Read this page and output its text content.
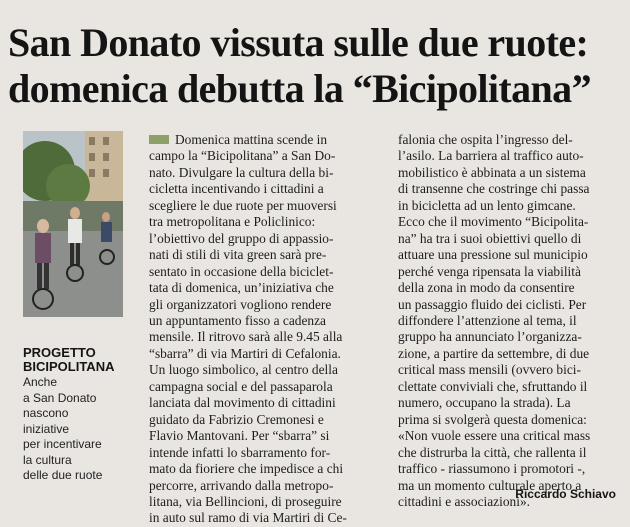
San Donato vissuta sulle due ruote:
domenica debutta la “Bicipolitana”
PROGETTO
BICIPOLITANA
Anche
a San Donato
nascono
iniziative
per incentivare
la cultura
delle due ruote
Domenica mattina scende in
campo la “Bicipolitana” a San Do-
nato. Divulgare la cultura della bi-
cicletta incentivando i cittadini a
scegliere le due ruote per muoversi
tra metropolitana e Policlinico:
l’obiettivo del gruppo di appassio-
nati di stili di vita green sarà pre-
sentato in occasione della biciclet-
tata di domenica, un’iniziativa che
gli organizzatori vogliono rendere
un appuntamento fisso a cadenza
mensile. Il ritrovo sarà alle 9.45 alla
“sbarra” di via Martiri di Cefalonia.
Un luogo simbolico, al centro della
campagna social e del passaparola
lanciata dal movimento di cittadini
guidato da Fabrizio Cremonesi e
Flavio Mantovani. Per “sbarra” si
intende infatti lo sbarramento for-
mato da fioriere che impedisce a chi
percorre, arrivando dalla metropo-
litana, via Bellincioni, di proseguire
in auto sul ramo di via Martiri di Ce-
falonia che ospita l’ingresso del-
l’asilo. La barriera al traffico auto-
mobilistico è abbinata a un sistema
di transenne che costringe chi passa
in bicicletta ad un lento gimcane.
Ecco che il movimento “Bicipolita-
na” ha tra i suoi obiettivi quello di
attuare una pressione sul municipio
perché venga ripensata la viabilità
della zona in modo da consentire
un passaggio fluido dei ciclisti. Per
diffondere l’attenzione al tema, il
gruppo ha annunciato l’organizza-
zione, a partire da settembre, di due
critical mass mensili (ovvero bici-
clettate conviviali che, sfruttando il
numero, occupano la strada). La
prima si svolgerà questa domenica:
«Non vuole essere una critical mass
che distrurba la città, che rallenta il
traffico - riassumono i promotori -,
ma un momento culturale aperto a
cittadini e associazioni».
Riccardo Schiavo
